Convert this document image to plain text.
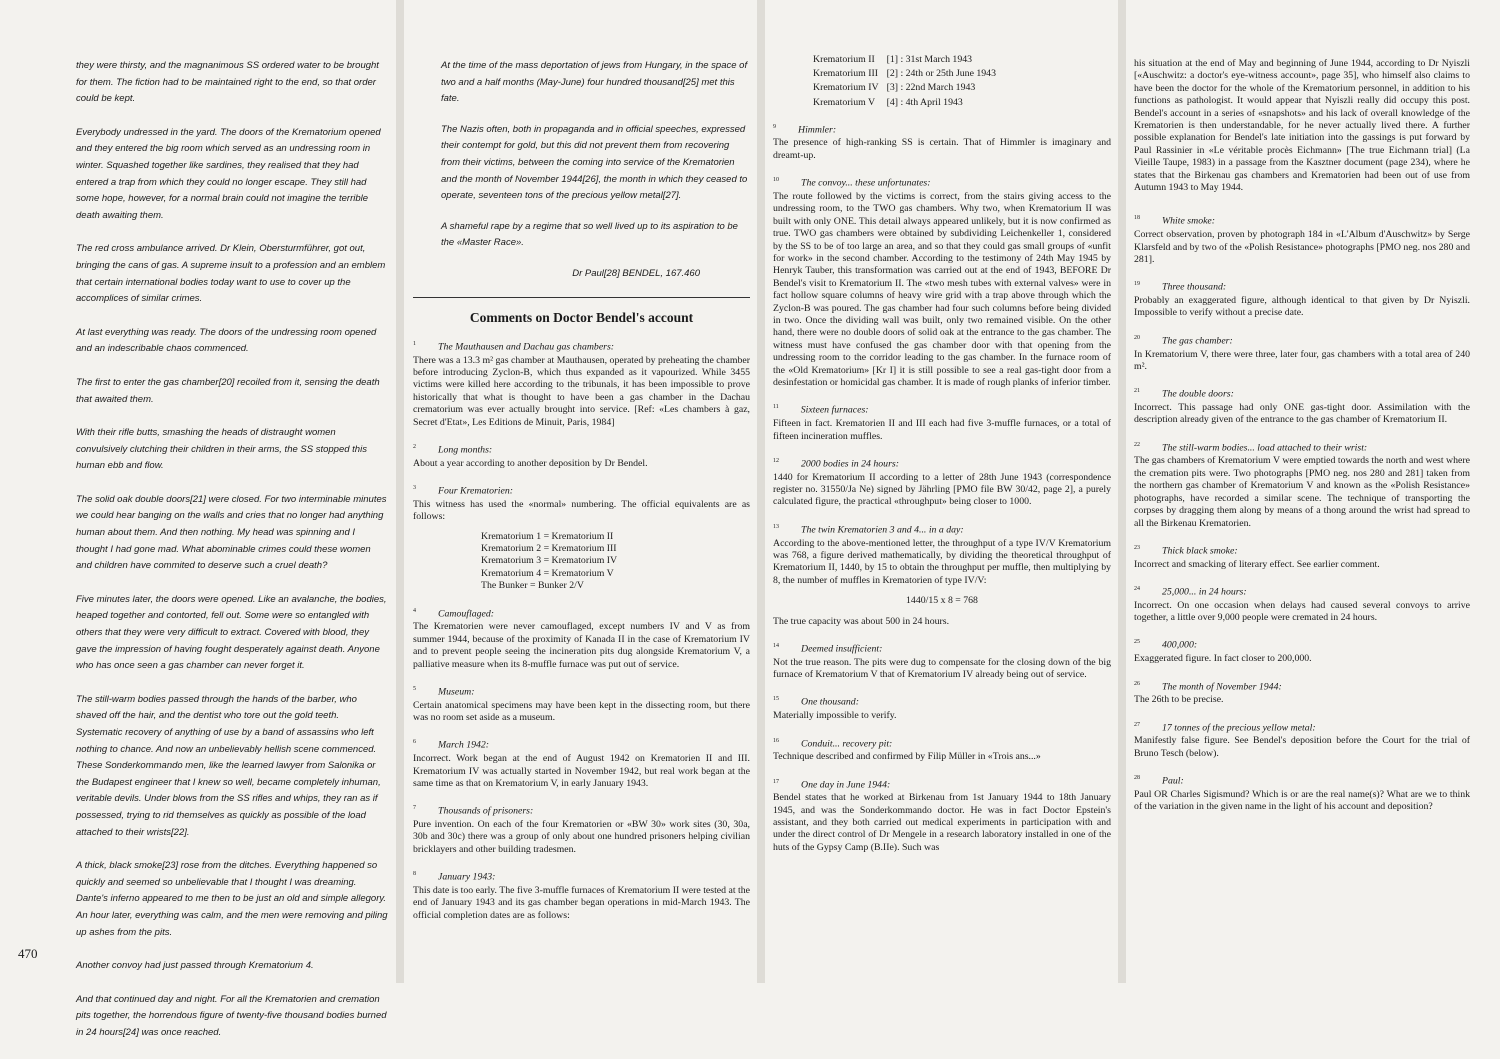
they were thirsty, and the magnanimous SS ordered water to be brought for them. The fiction had to be maintained right to the end, so that order could be kept.

Everybody undressed in the yard. The doors of the Krematorium opened and they entered the big room which served as an undressing room in winter. Squashed together like sardines, they realised that they had entered a trap from which they could no longer escape. They still had some hope, however, for a normal brain could not imagine the terrible death awaiting them.

The red cross ambulance arrived. Dr Klein, Obersturmführer, got out, bringing the cans of gas. A supreme insult to a profession and an emblem that certain international bodies today want to use to cover up the accomplices of similar crimes.

At last everything was ready. The doors of the undressing room opened and an indescribable chaos commenced.

The first to enter the gas chamber[20] recoiled from it, sensing the death that awaited them.

With their rifle butts, smashing the heads of distraught women convulsively clutching their children in their arms, the SS stopped this human ebb and flow.

The solid oak double doors[21] were closed. For two interminable minutes we could hear banging on the walls and cries that no longer had anything human about them. And then nothing. My head was spinning and I thought I had gone mad. What abominable crimes could these women and children have commited to deserve such a cruel death?

Five minutes later, the doors were opened. Like an avalanche, the bodies, heaped together and contorted, fell out. Some were so entangled with others that they were very difficult to extract. Covered with blood, they gave the impression of having fought desperately against death. Anyone who has once seen a gas chamber can never forget it.

The still-warm bodies passed through the hands of the barber, who shaved off the hair, and the dentist who tore out the gold teeth. Systematic recovery of anything of use by a band of assassins who left nothing to chance. And now an unbelievably hellish scene commenced. These Sonderkommando men, like the learned lawyer from Salonika or the Budapest engineer that I knew so well, became completely inhuman, veritable devils. Under blows from the SS rifles and whips, they ran as if possessed, trying to rid themselves as quickly as possible of the load attached to their wrists[22].

A thick, black smoke[23] rose from the ditches. Everything happened so quickly and seemed so unbelievable that I thought I was dreaming. Dante's inferno appeared to me then to be just an old and simple allegory. An hour later, everything was calm, and the men were removing and piling up ashes from the pits.

Another convoy had just passed through Krematorium 4.

And that continued day and night. For all the Krematorien and cremation pits together, the horrendous figure of twenty-five thousand bodies burned in 24 hours[24] was once reached.

At the time of the mass deportation of jews from Hungary, in the space of two and a half months (May-June) four hundred thousand[25] met this fate.

The Nazis often, both in propaganda and in official speeches, expressed their contempt for gold, but this did not prevent them from recovering from their victims, between the coming into service of the Krematorien and the month of November 1944[26], the month in which they ceased to operate, seventeen tons of the precious yellow metal[27].

A shameful rape by a regime that so well lived up to its aspiration to be the «Master Race».

Dr Paul[28] BENDEL, 167.460

Comments on Doctor Bendel's account
$^1$ The Mauthausen and Dachau gas chambers:

There was a 13.3 m² gas chamber at Mauthausen, operated by preheating the chamber before introducing Zyclon-B, which thus expanded as it vapourized. While 3455 victims were killed here according to the tribunals, it has been impossible to prove historically that what is thought to have been a gas chamber in the Dachau crematorium was ever actually brought into service. [Ref: «Les chambers à gaz, Secret d'Etat», Les Editions de Minuit, Paris, 1984]

$^2$ Long months:

About a year according to another deposition by Dr Bendel.

$^3$ Four Krematorien:

This witness has used the «normal» numbering. The official equivalents are as follows:

Krematorium 1 = Krematorium II
Krematorium 2 = Krematorium III
Krematorium 3 = Krematorium IV
Krematorium 4 = Krematorium V
The Bunker = Bunker 2/V
$^4$ Camouflaged:

The Krematorien were never camouflaged, except numbers IV and V as from summer 1944, because of the proximity of Kanada II in the case of Krematorium IV and to prevent people seeing the incineration pits dug alongside Krematorium V, a palliative measure when its 8-muffle furnace was put out of service.

$^5$ Museum:

Certain anatomical specimens may have been kept in the dissecting room, but there was no room set aside as a museum.

$^6$ March 1942:

Incorrect. Work began at the end of August 1942 on Krematorien II and III. Krematorium IV was actually started in November 1942, but real work began at the same time as that on Krematorium V, in early January 1943.

$^7$ Thousands of prisoners:

Pure invention. On each of the four Krematorien or «BW 30» work sites (30, 30a, 30b and 30c) there was a group of only about one hundred prisoners helping civilian bricklayers and other building tradesmen.

$^8$ January 1943:

This date is too early. The five 3-muffle furnaces of Krematorium II were tested at the end of January 1943 and its gas chamber began operations in mid-March 1943. The official completion dates are as follows:

Krematorium II	[1] : 31st March 1943
Krematorium III	[2] : 24th or 25th June 1943
Krematorium IV	[3] : 22nd March 1943
Krematorium V	[4] : 4th April 1943
$^9$ Himmler:

The presence of high-ranking SS is certain. That of Himmler is imaginary and dreamt-up.

$^{10}$ The convoy... these unfortunates:

The route followed by the victims is correct, from the stairs giving access to the undressing room, to the TWO gas chambers. Why two, when Krematorium II was built with only ONE. This detail always appeared unlikely, but it is now confirmed as true. TWO gas chambers were obtained by subdividing Leichenkeller 1, considered by the SS to be of too large an area, and so that they could gas small groups of «unfit for work» in the second chamber. According to the testimony of 24th May 1945 by Henryk Tauber, this transformation was carried out at the end of 1943, BEFORE Dr Bendel's visit to Krematorium II. The «two mesh tubes with external valves» were in fact hollow square columns of heavy wire grid with a trap above through which the Zyclon-B was poured. The gas chamber had four such columns before being divided in two. Once the dividing wall was built, only two remained visible. On the other hand, there were no double doors of solid oak at the entrance to the gas chamber. The witness must have confused the gas chamber door with that opening from the undressing room to the corridor leading to the gas chamber. In the furnace room of the «Old Krematorium» [Kr I] it is still possible to see a real gas-tight door from a desinfestation or homicidal gas chamber. It is made of rough planks of inferior timber.

$^{11}$ Sixteen furnaces:

Fifteen in fact. Krematorien II and III each had five 3-muffle furnaces, or a total of fifteen incineration muffles.

$^{12}$ 2000 bodies in 24 hours:

1440 for Krematorium II according to a letter of 28th June 1943 (correspondence register no. 31550/Ja Ne) signed by Jährling [PMO file BW 30/42, page 2], a purely calculated figure, the practical «throughput» being closer to 1000.

$^{13}$ The twin Krematorien 3 and 4... in a day:

According to the above-mentioned letter, the throughput of a type IV/V Krematorium was 768, a figure derived mathematically, by dividing the theoretical throughput of Krematorium II, 1440, by 15 to obtain the throughput per muffle, then multiplying by 8, the number of muffles in Krematorien of type IV/V:

1440/15 x 8 = 768

The true capacity was about 500 in 24 hours.

$^{14}$ Deemed insufficient:

Not the true reason. The pits were dug to compensate for the closing down of the big furnace of Krematorium V that of Krematorium IV already being out of service.

$^{15}$ One thousand:

Materially impossible to verify.

$^{16}$ Conduit... recovery pit:

Technique described and confirmed by Filip Müller in «Trois ans...»

$^{17}$ One day in June 1944:

Bendel states that he worked at Birkenau from 1st January 1944 to 18th January 1945, and was the Sonderkommando doctor. He was in fact Doctor Epstein's assistant, and they both carried out medical experiments in participation with and under the direct control of Dr Mengele in a research laboratory installed in one of the huts of the Gypsy Camp (B.IIe). Such was

his situation at the end of May and beginning of June 1944, according to Dr Nyiszli [«Auschwitz: a doctor's eye-witness account», page 35], who himself also claims to have been the doctor for the whole of the Krematorium personnel, in addition to his functions as pathologist. It would appear that Nyiszli really did occupy this post. Bendel's account in a series of «snapshots» and his lack of overall knowledge of the Krematorien is then understandable, for he never actually lived there. A further possible explanation for Bendel's late initiation into the gassings is put forward by Paul Rassinier in «Le véritable procès Eichmann» [The true Eichmann trial] (La Vieille Taupe, 1983) in a passage from the Kasztner document (page 234), where he states that the Birkenau gas chambers and Krematorien had been out of use from Autumn 1943 to May 1944.

$^{18}$ White smoke:

Correct observation, proven by photograph 184 in «L'Album d'Auschwitz» by Serge Klarsfeld and by two of the «Polish Resistance» photographs [PMO neg. nos 280 and 281].

$^{19}$ Three thousand:

Probably an exaggerated figure, although identical to that given by Dr Nyiszli. Impossible to verify without a precise date.

$^{20}$ The gas chamber:

In Krematorium V, there were three, later four, gas chambers with a total area of 240 m².

$^{21}$ The double doors:

Incorrect. This passage had only ONE gas-tight door. Assimilation with the description already given of the entrance to the gas chamber of Krematorium II.

$^{22}$ The still-warm bodies... load attached to their wrist:

The gas chambers of Krematorium V were emptied towards the north and west where the cremation pits were. Two photographs [PMO neg. nos 280 and 281] taken from the northern gas chamber of Krematorium V and known as the «Polish Resistance» photographs, have recorded a similar scene. The technique of transporting the corpses by dragging them along by means of a thong around the wrist had spread to all the Birkenau Krematorien.

$^{23}$ Thick black smoke:

Incorrect and smacking of literary effect. See earlier comment.

$^{24}$ 25,000... in 24 hours:

Incorrect. On one occasion when delays had caused several convoys to arrive together, a little over 9,000 people were cremated in 24 hours.

$^{25}$ 400,000:

Exaggerated figure. In fact closer to 200,000.

$^{26}$ The month of November 1944:

The 26th to be precise.

$^{27}$ 17 tonnes of the precious yellow metal:

Manifestly false figure. See Bendel's deposition before the Court for the trial of Bruno Tesch (below).

$^{28}$ Paul:

Paul OR Charles Sigismund? Which is or are the real name(s)? What are we to think of the variation in the given name in the light of his account and deposition?

470
